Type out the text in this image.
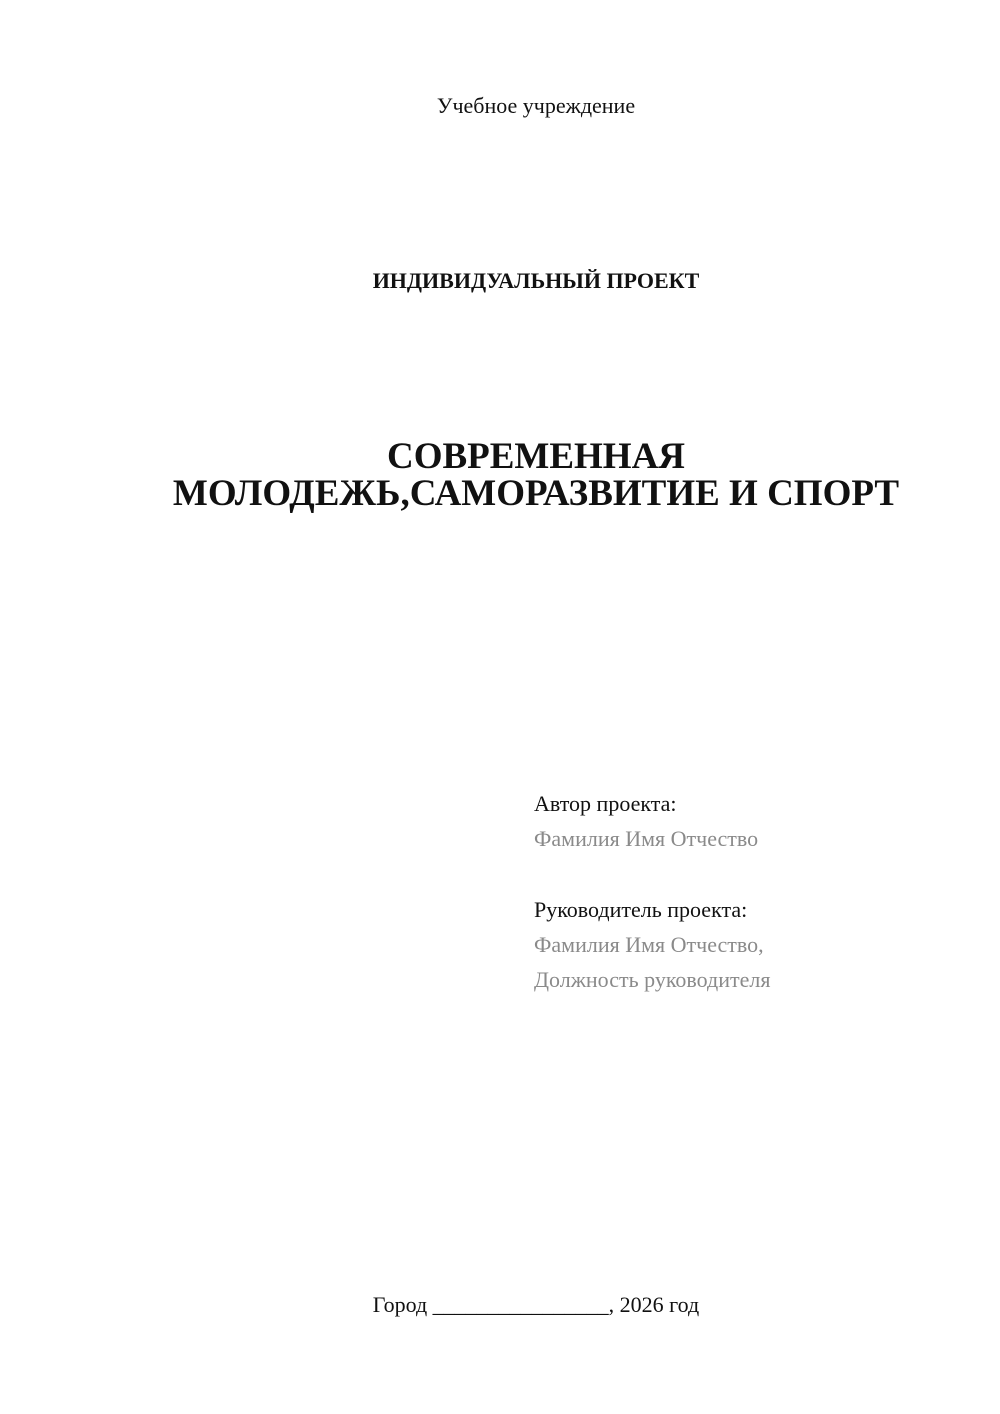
Учебное учреждение
ИНДИВИДУАЛЬНЫЙ ПРОЕКТ
СОВРЕМЕННАЯ
МОЛОДЕЖЬ,САМОРАЗВИТИЕ И СПОРТ
Автор проекта:
Фамилия Имя Отчество
Руководитель проекта:
Фамилия Имя Отчество,
Должность руководителя
Город ________________, 2026 год
